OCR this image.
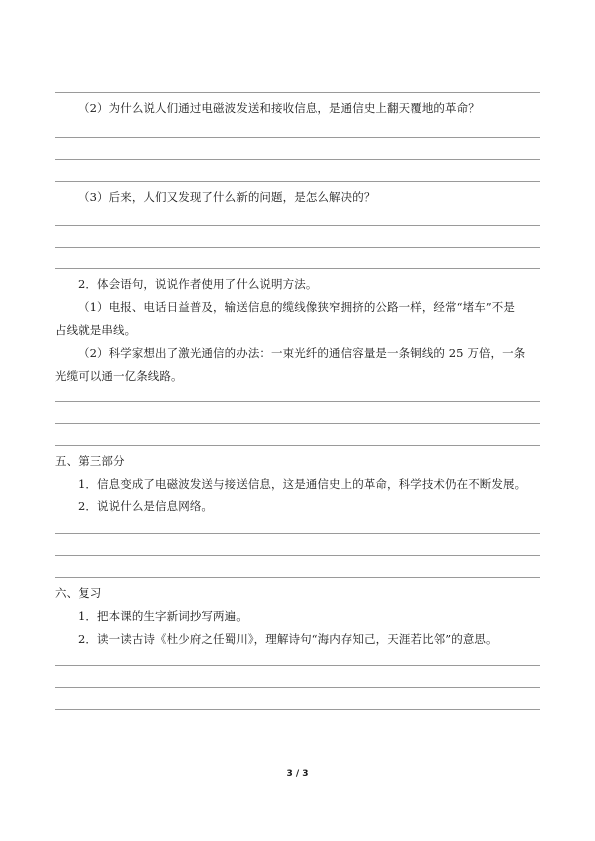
（2）为什么说人们通过电磁波发送和接收信息，是通信史上翻天覆地的革命？
（3）后来，人们又发现了什么新的问题，是怎么解决的？
2．体会语句，说说作者使用了什么说明方法。
（1）电报、电话日益普及，输送信息的缆线像狭窄拥挤的公路一样，经常“堵车”不是
占线就是串线。
（2）科学家想出了激光通信的办法：一束光纤的通信容量是一条铜线的 25 万倍，一条
光缆可以通一亿条线路。
五、第三部分
1．信息变成了电磁波发送与接送信息，这是通信史上的革命，科学技术仍在不断发展。
2．说说什么是信息网络。
六、复习
1．把本课的生字新词抄写两遍。
2．读一读古诗《杜少府之任蜀川》，理解诗句“海内存知己，天涯若比邻”的意思。
3 / 3
